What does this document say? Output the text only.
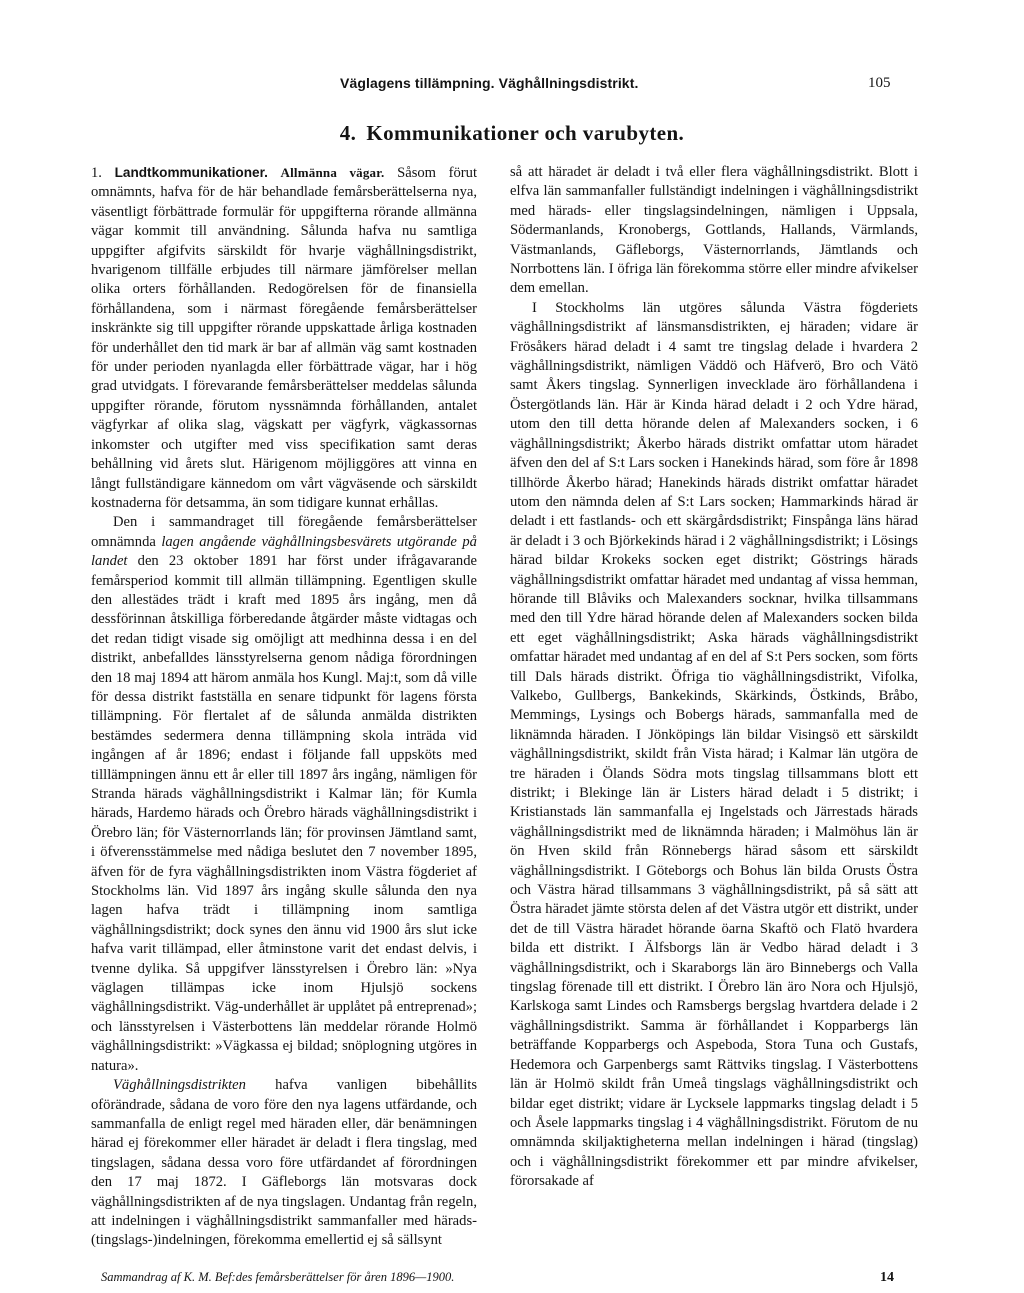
Väglagens tillämpning. Väghållningsdistrikt.	105
4. Kommunikationer och varubyten.

1. Landtkommunikationer. Allmänna vägar. Såsom förut omnämnts, hafva för de här behandlade femårsberättelserna nya, väsentligt förbättrade formulär för uppgifterna rörande allmänna vägar kommit till användning. Sålunda hafva nu samtliga uppgifter afgifvits särskildt för hvarje väghållningsdistrikt, hvarigenom tillfälle erbjudes till närmare jämförelser mellan olika orters förhållanden. Redogörelsen för de finansiella förhållandena, som i närmast föregående femårsberättelser inskränkte sig till uppgifter rörande uppskattade årliga kostnaden för underhållet den tid mark är bar af allmän väg samt kostnaden för under perioden nyanlagda eller förbättrade vägar, har i hög grad utvidgats. I förevarande femårsberättelser meddelas sålunda uppgifter rörande, förutom nyssnämnda förhållanden, antalet vägfyrkar af olika slag, vägskatt per vägfyrk, vägkassornas inkomster och utgifter med viss specifikation samt deras behållning vid årets slut. Härigenom möjliggöres att vinna en långt fullständigare kännedom om vårt vägväsende och särskildt kostnaderna för detsamma, än som tidigare kunnat erhållas.

Den i sammandraget till föregående femårsberättelser omnämnda lagen angående väghållningsbesvärets utgörande på landet den 23 oktober 1891 har först under ifrågavarande femårsperiod kommit till allmän tillämpning. Egentligen skulle den allestädes trädt i kraft med 1895 års ingång, men då dessförinnan åtskilliga förberedande åtgärder måste vidtagas och det redan tidigt visade sig omöjligt att medhinna dessa i en del distrikt, anbefalldes länsstyrelserna genom nådiga förordningen den 18 maj 1894 att härom anmäla hos Kungl. Maj:t, som då ville för dessa distrikt fastställa en senare tidpunkt för lagens första tillämpning. För flertalet af de sålunda anmälda distrikten bestämdes sedermera denna tillämpning skola inträda vid ingången af år 1896; endast i följande fall uppsköts med tilllämpningen ännu ett år eller till 1897 års ingång, nämligen för Stranda härads väghållningsdistrikt i Kalmar län; för Kumla härads, Hardemo härads och Örebro härads väghållningsdistrikt i Örebro län; för Västernorrlands län; för provinsen Jämtland samt, i öfverensstämmelse med nådiga beslutet den 7 november 1895, äfven för de fyra väghållningsdistrikten inom Västra fögderiet af Stockholms län. Vid 1897 års ingång skulle sålunda den nya lagen hafva trädt i tillämpning inom samtliga väghållningsdistrikt; dock synes den ännu vid 1900 års slut icke hafva varit tillämpad, eller åtminstone varit det endast delvis, i tvenne dylika. Så uppgifver länsstyrelsen i Örebro län: »Nya väglagen tillämpas icke inom Hjulsjö sockens väghållningsdistrikt. Väg-underhållet är upplåtet på entreprenad»; och länsstyrelsen i Västerbottens län meddelar rörande Holmö väghållningsdistrikt: »Vägkassa ej bildad; snöplogning utgöres in natura».

Väghållningsdistrikten hafva vanligen bibehållits oförändrade, sådana de voro före den nya lagens utfärdande, och sammanfalla de enligt regel med häraden eller, där benämningen härad ej förekommer eller häradet är deladt i flera tingslag, med tingslagen, sådana dessa voro före utfärdandet af förordningen den 17 maj 1872. I Gäfleborgs län motsvaras dock väghållningsdistrikten af de nya tingslagen. Undantag från regeln, att indelningen i väghållningsdistrikt sammanfaller med härads-(tingslags-)indelningen, förekomma emellertid ej så sällsynt

så att häradet är deladt i två eller flera väghållningsdistrikt. Blott i elfva län sammanfaller fullständigt indelningen i väghållningsdistrikt med härads- eller tingslagsindelningen, nämligen i Uppsala, Södermanlands, Kronobergs, Gottlands, Hallands, Värmlands, Västmanlands, Gäfleborgs, Västernorrlands, Jämtlands och Norrbottens län. I öfriga län förekomma större eller mindre afvikelser dem emellan.

I Stockholms län utgöres sålunda Västra fögderiets väghållningsdistrikt af länsmansdistrikten, ej häraden; vidare är Frösåkers härad deladt i 4 samt tre tingslag delade i hvardera 2 väghållningsdistrikt, nämligen Väddö och Häfverö, Bro och Vätö samt Åkers tingslag. Synnerligen invecklade äro förhållandena i Östergötlands län. Här är Kinda härad deladt i 2 och Ydre härad, utom den till detta hörande delen af Malexanders socken, i 6 väghållningsdistrikt; Åkerbo härads distrikt omfattar utom häradet äfven den del af S:t Lars socken i Hanekinds härad, som före år 1898 tillhörde Åkerbo härad; Hanekinds härads distrikt omfattar häradet utom den nämnda delen af S:t Lars socken; Hammarkinds härad är deladt i ett fastlands- och ett skärgårdsdistrikt; Finspånga läns härad är deladt i 3 och Björkekinds härad i 2 väghållningsdistrikt; i Lösings härad bildar Krokeks socken eget distrikt; Göstrings härads väghållningsdistrikt omfattar häradet med undantag af vissa hemman, hörande till Blåviks och Malexanders socknar, hvilka tillsammans med den till Ydre härad hörande delen af Malexanders socken bilda ett eget väghållningsdistrikt; Aska härads väghållningsdistrikt omfattar häradet med undantag af en del af S:t Pers socken, som förts till Dals härads distrikt. Öfriga tio väghållningsdistrikt, Vifolka, Valkebo, Gullbergs, Bankekinds, Skärkinds, Östkinds, Bråbo, Memmings, Lysings och Bobergs härads, sammanfalla med de liknämnda häraden. I Jönköpings län bildar Visingsö ett särskildt väghållningsdistrikt, skildt från Vista härad; i Kalmar län utgöra de tre häraden i Ölands Södra mots tingslag tillsammans blott ett distrikt; i Blekinge län är Listers härad deladt i 5 distrikt; i Kristianstads län sammanfalla ej Ingelstads och Järrestads härads väghållningsdistrikt med de liknämnda häraden; i Malmöhus län är ön Hven skild från Rönnebergs härad såsom ett särskildt väghållningsdistrikt. I Göteborgs och Bohus län bilda Orusts Östra och Västra härad tillsammans 3 väghållningsdistrikt, på så sätt att Östra häradet jämte största delen af det Västra utgör ett distrikt, under det de till Västra häradet hörande öarna Skaftö och Flatö hvardera bilda ett distrikt. I Älfsborgs län är Vedbo härad deladt i 3 väghållningsdistrikt, och i Skaraborgs län äro Binnebergs och Valla tingslag förenade till ett distrikt. I Örebro län äro Nora och Hjulsjö, Karlskoga samt Lindes och Ramsbergs bergslag hvartdera delade i 2 väghållningsdistrikt. Samma är förhållandet i Kopparbergs län beträffande Kopparbergs och Aspeboda, Stora Tuna och Gustafs, Hedemora och Garpenbergs samt Rättviks tingslag. I Västerbottens län är Holmö skildt från Umeå tingslags väghållningsdistrikt och bildar eget distrikt; vidare är Lycksele lappmarks tingslag deladt i 5 och Åsele lappmarks tingslag i 4 väghållningsdistrikt. Förutom de nu omnämnda skiljaktigheterna mellan indelningen i härad (tingslag) och i väghållningsdistrikt förekommer ett par mindre afvikelser, förorsakade af

Sammandrag af K. M. Bef:des femårsberättelser för åren 1896—1900.	14
